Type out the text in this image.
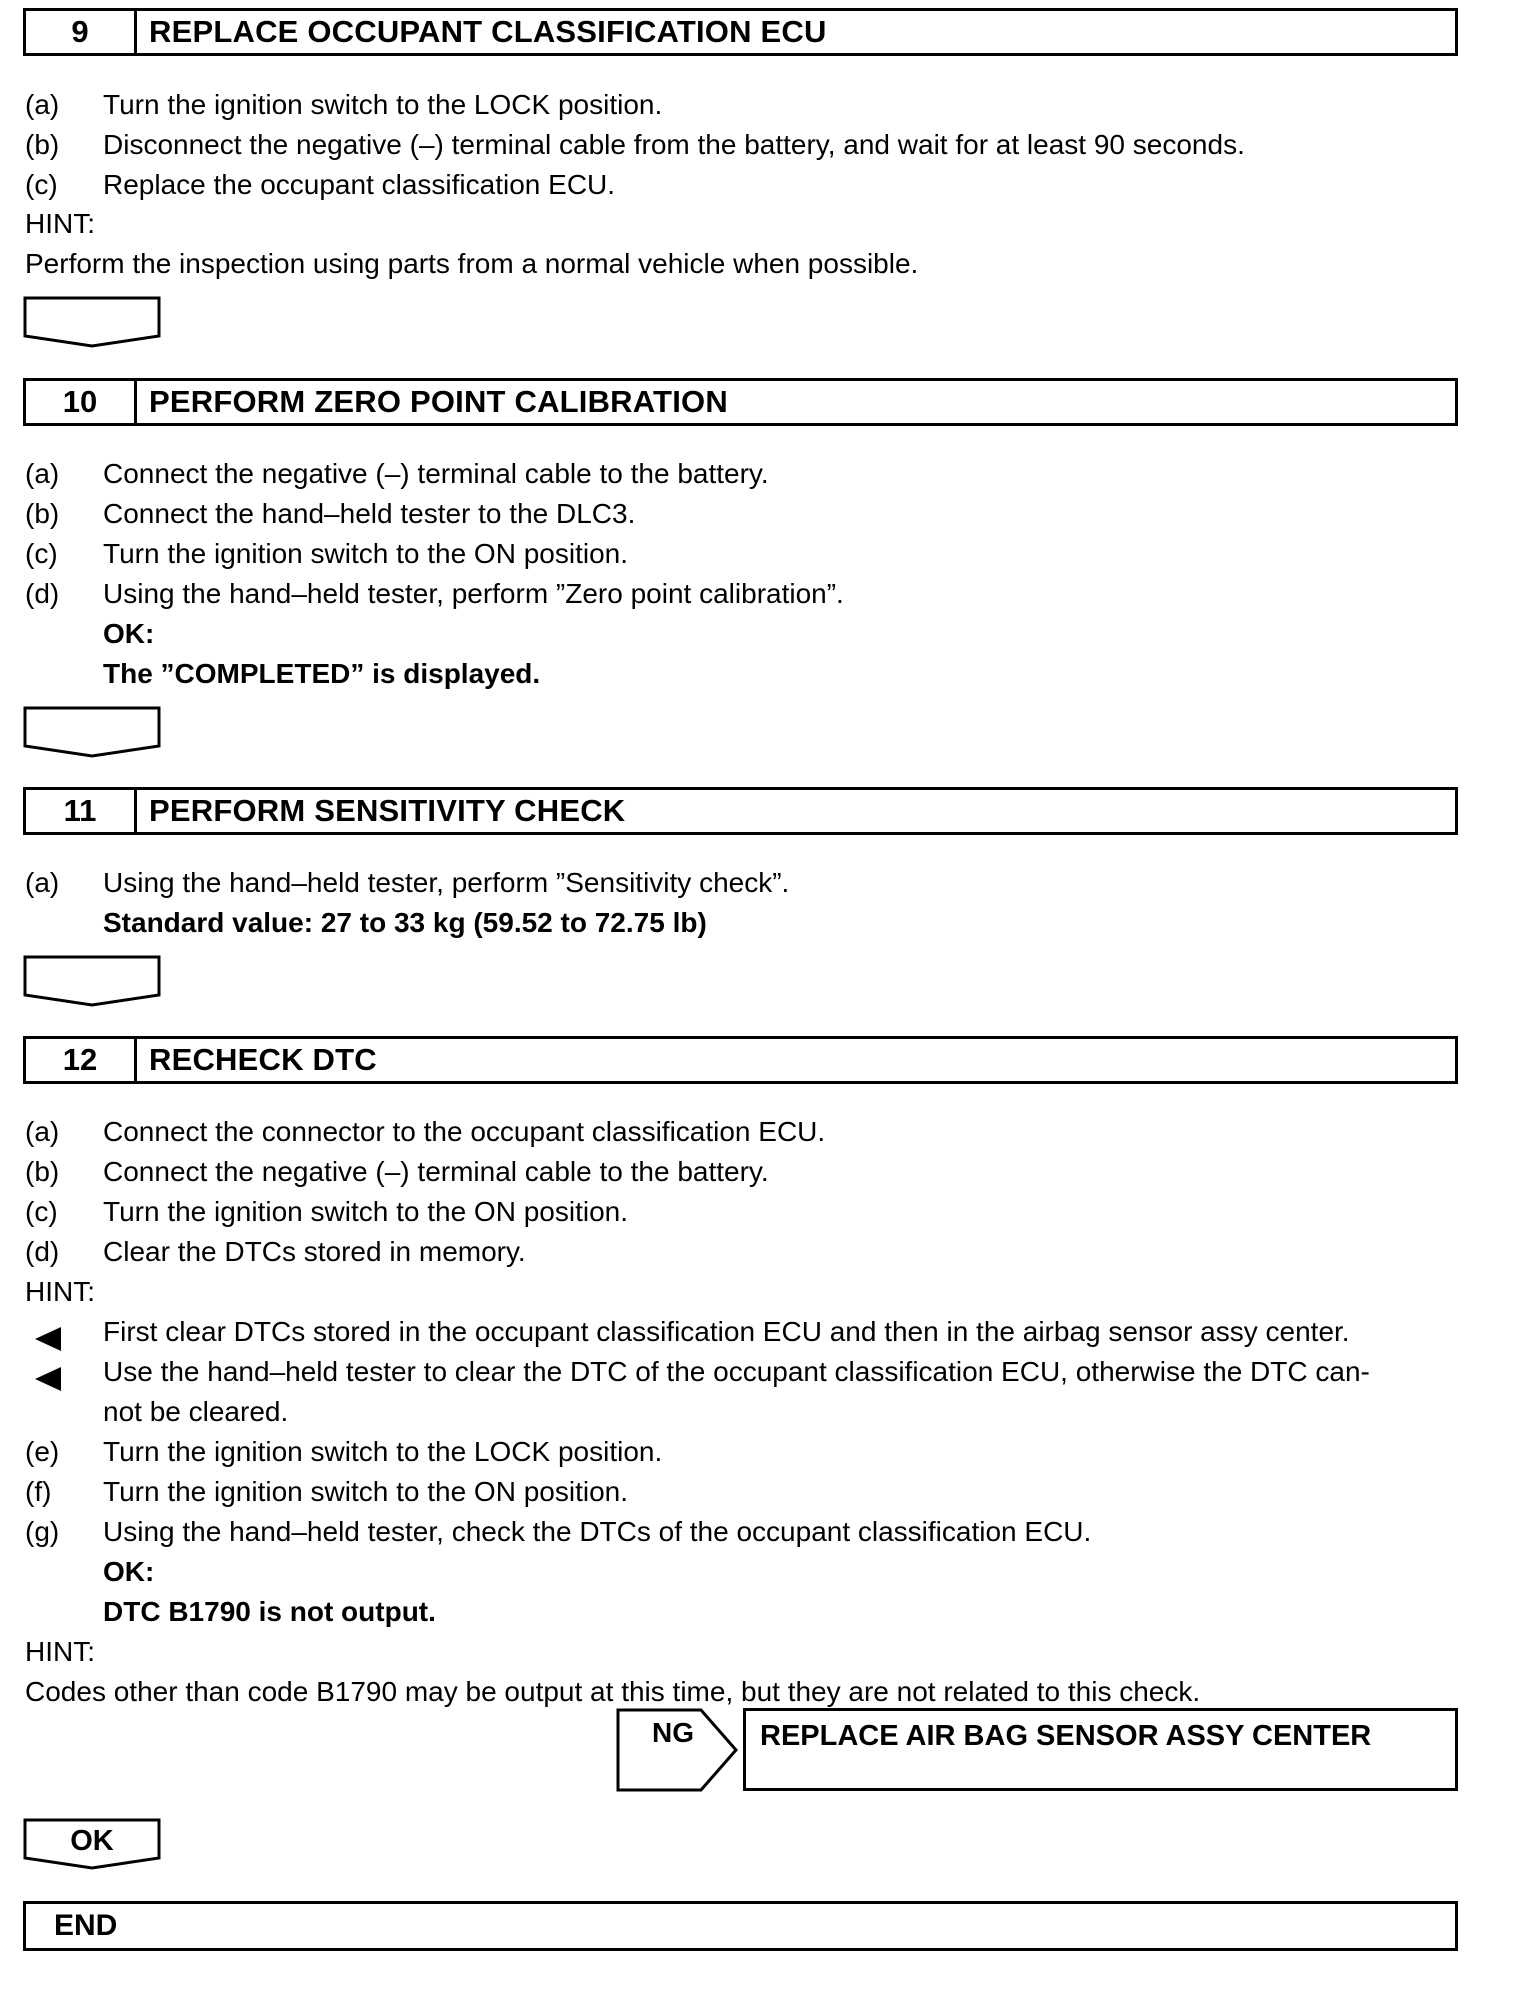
9	REPLACE OCCUPANT CLASSIFICATION ECU
(a) Turn the ignition switch to the LOCK position.
(b) Disconnect the negative (–) terminal cable from the battery, and wait for at least 90 seconds.
(c) Replace the occupant classification ECU.
HINT:
Perform the inspection using parts from a normal vehicle when possible.
10	PERFORM ZERO POINT CALIBRATION
(a) Connect the negative (–) terminal cable to the battery.
(b) Connect the hand–held tester to the DLC3.
(c) Turn the ignition switch to the ON position.
(d) Using the hand–held tester, perform ”Zero point calibration”.
OK:
The ”COMPLETED” is displayed.
11	PERFORM SENSITIVITY CHECK
(a) Using the hand–held tester, perform ”Sensitivity check”.
Standard value: 27 to 33 kg (59.52 to 72.75 lb)
12	RECHECK DTC
(a) Connect the connector to the occupant classification ECU.
(b) Connect the negative (–) terminal cable to the battery.
(c) Turn the ignition switch to the ON position.
(d) Clear the DTCs stored in memory.
HINT:
First clear DTCs stored in the occupant classification ECU and then in the airbag sensor assy center.
Use the hand–held tester to clear the DTC of the occupant classification ECU, otherwise the DTC can-
not be cleared.
(e) Turn the ignition switch to the LOCK position.
(f) Turn the ignition switch to the ON position.
(g) Using the hand–held tester, check the DTCs of the occupant classification ECU.
OK:
DTC B1790 is not output.
HINT:
Codes other than code B1790 may be output at this time, but they are not related to this check.
NG	REPLACE AIR BAG SENSOR ASSY CENTER
OK
END
